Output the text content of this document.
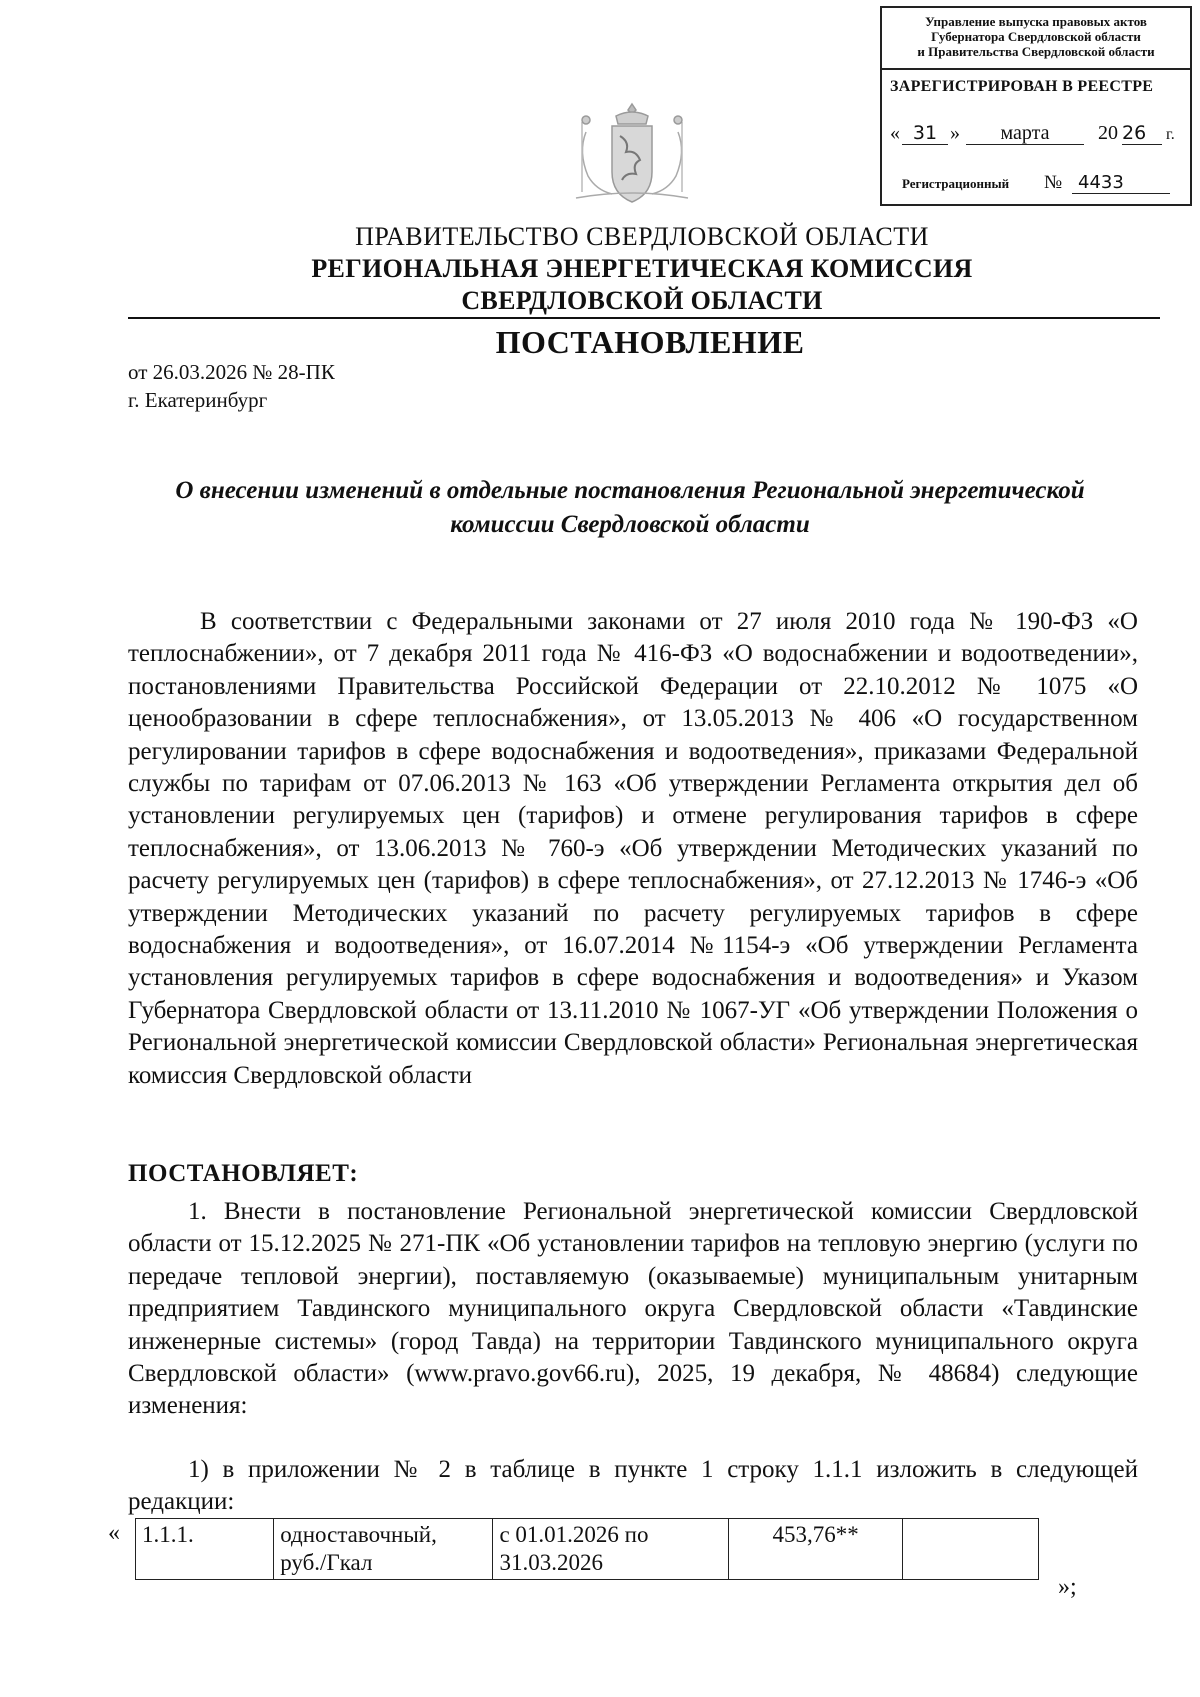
Управление выпуска правовых актов
Губернатора Свердловской области
и Правительства Свердловской области
ЗАРЕГИСТРИРОВАН В РЕЕСТРЕ
« 31 »	марта	20 26	г.
Регистрационный № 4433
ПРАВИТЕЛЬСТВО СВЕРДЛОВСКОЙ ОБЛАСТИ
РЕГИОНАЛЬНАЯ ЭНЕРГЕТИЧЕСКАЯ КОМИССИЯ
СВЕРДЛОВСКОЙ ОБЛАСТИ
ПОСТАНОВЛЕНИЕ
от 26.03.2026 № 28-ПК
г. Екатеринбург
О внесении изменений в отдельные постановления Региональной энергетической комиссии Свердловской области
В соответствии с Федеральными законами от 27 июля 2010 года № 190-ФЗ «О теплоснабжении», от 7 декабря 2011 года № 416-ФЗ «О водоснабжении и водоотведении», постановлениями Правительства Российской Федерации от 22.10.2012 № 1075 «О ценообразовании в сфере теплоснабжения», от 13.05.2013 № 406 «О государственном регулировании тарифов в сфере водоснабжения и водоотведения», приказами Федеральной службы по тарифам от 07.06.2013 № 163 «Об утверждении Регламента открытия дел об установлении регулируемых цен (тарифов) и отмене регулирования тарифов в сфере теплоснабжения», от 13.06.2013 № 760-э «Об утверждении Методических указаний по расчету регулируемых цен (тарифов) в сфере теплоснабжения», от 27.12.2013 № 1746-э «Об утверждении Методических указаний по расчету регулируемых тарифов в сфере водоснабжения и водоотведения», от 16.07.2014 №1154-э «Об утверждении Регламента установления регулируемых тарифов в сфере водоснабжения и водоотведения» и Указом Губернатора Свердловской области от 13.11.2010 № 1067-УГ «Об утверждении Положения о Региональной энергетической комиссии Свердловской области» Региональная энергетическая комиссия Свердловской области
ПОСТАНОВЛЯЕТ:
1. Внести в постановление Региональной энергетической комиссии Свердловской области от 15.12.2025 № 271-ПК «Об установлении тарифов на тепловую энергию (услуги по передаче тепловой энергии), поставляемую (оказываемые) муниципальным унитарным предприятием Тавдинского муниципального округа Свердловской области «Тавдинские инженерные системы» (город Тавда) на территории Тавдинского муниципального округа Свердловской области» (www.pravo.gov66.ru), 2025, 19 декабря, № 48684) следующие изменения:
1) в приложении № 2 в таблице в пункте 1 строку 1.1.1 изложить в следующей редакции:
« 1.1.1.	одноставочный, руб./Гкал	с 01.01.2026 по 31.03.2026	453,76**	
»;
